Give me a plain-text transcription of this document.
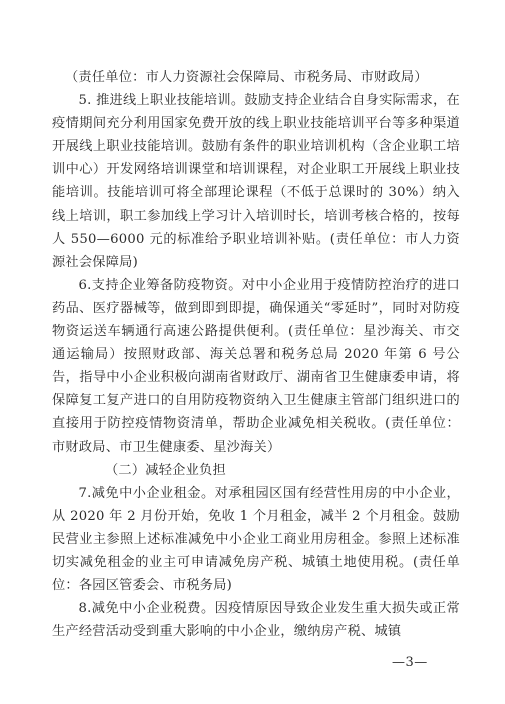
（责任单位：市人力资源社会保障局、市税务局、市财政局）

5. 推进线上职业技能培训。鼓励支持企业结合自身实际需求，在疫情期间充分利用国家免费开放的线上职业技能培训平台等多种渠道开展线上职业技能培训。鼓励有条件的职业培训机构（含企业职工培训中心）开发网络培训课堂和培训课程，对企业职工开展线上职业技能培训。技能培训可将全部理论课程（不低于总课时的 30%）纳入线上培训，职工参加线上学习计入培训时长，培训考核合格的，按每人 550—6000 元的标准给予职业培训补贴。(责任单位：市人力资源社会保障局)

6.支持企业筹备防疫物资。对中小企业用于疫情防控治疗的进口药品、医疗器械等，做到即到即提，确保通关“零延时”，同时对防疫物资运送车辆通行高速公路提供便利。(责任单位：星沙海关、市交通运输局）按照财政部、海关总署和税务总局 2020 年第 6 号公告，指导中小企业积极向湖南省财政厅、湖南省卫生健康委申请，将保障复工复产进口的自用防疫物资纳入卫生健康主管部门组织进口的直接用于防控疫情物资清单，帮助企业减免相关税收。(责任单位：市财政局、市卫生健康委、星沙海关）

（二）减轻企业负担

7.减免中小企业租金。对承租园区国有经营性用房的中小企业，从 2020 年 2 月份开始，免收 1 个月租金，减半 2 个月租金。鼓励民营业主参照上述标准减免中小企业工商业用房租金。参照上述标准切实减免租金的业主可申请减免房产税、城镇土地使用税。(责任单位：各园区管委会、市税务局)

8.减免中小企业税费。因疫情原因导致企业发生重大损失或正常生产经营活动受到重大影响的中小企业，缴纳房产税、城镇

—3—
